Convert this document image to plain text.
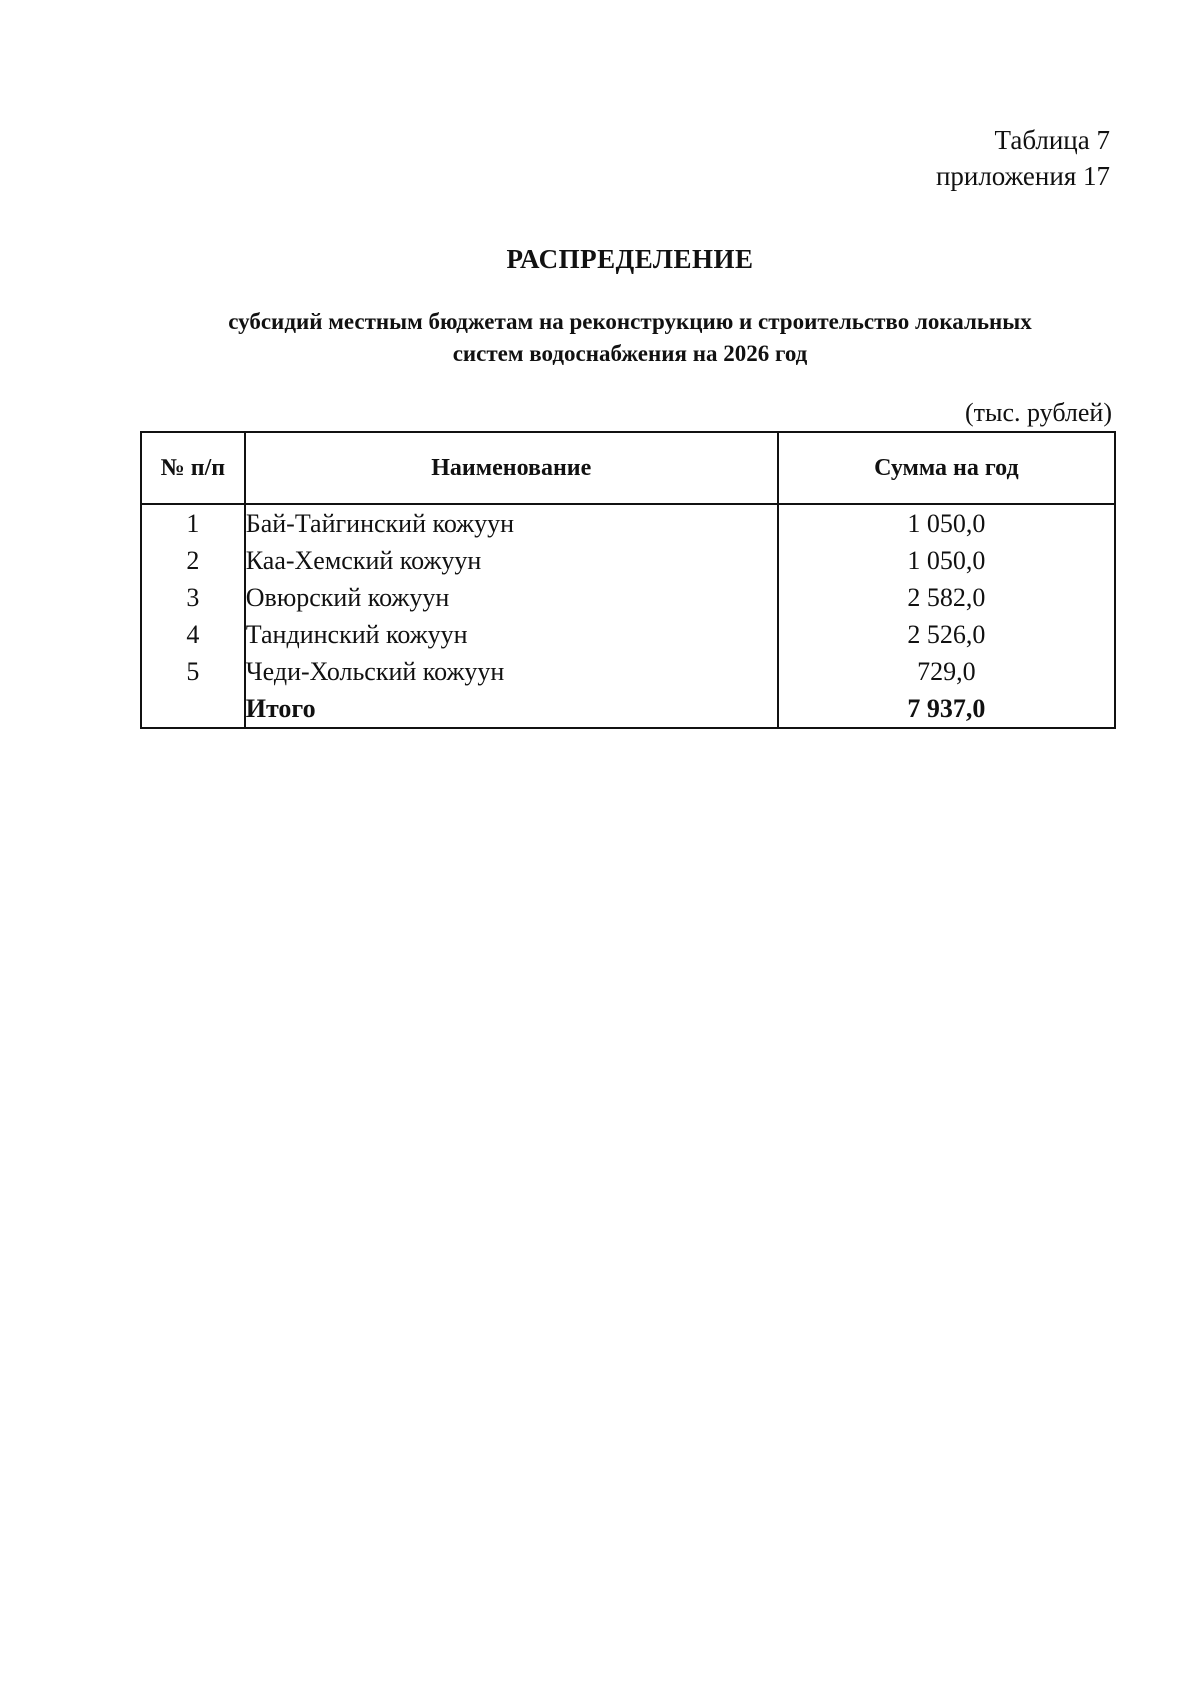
Таблица 7
приложения 17
РАСПРЕДЕЛЕНИЕ
субсидий местным бюджетам на реконструкцию и строительство локальных
систем водоснабжения на 2026 год
(тыс. рублей)
№ п/п	Наименование	Сумма на год
1	Бай-Тайгинский кожуун	1 050,0
2	Каа-Хемский кожуун	1 050,0
3	Овюрский кожуун	2 582,0
4	Тандинский кожуун	2 526,0
5	Чеди-Хольский кожуун	729,0
	Итого	7 937,0
